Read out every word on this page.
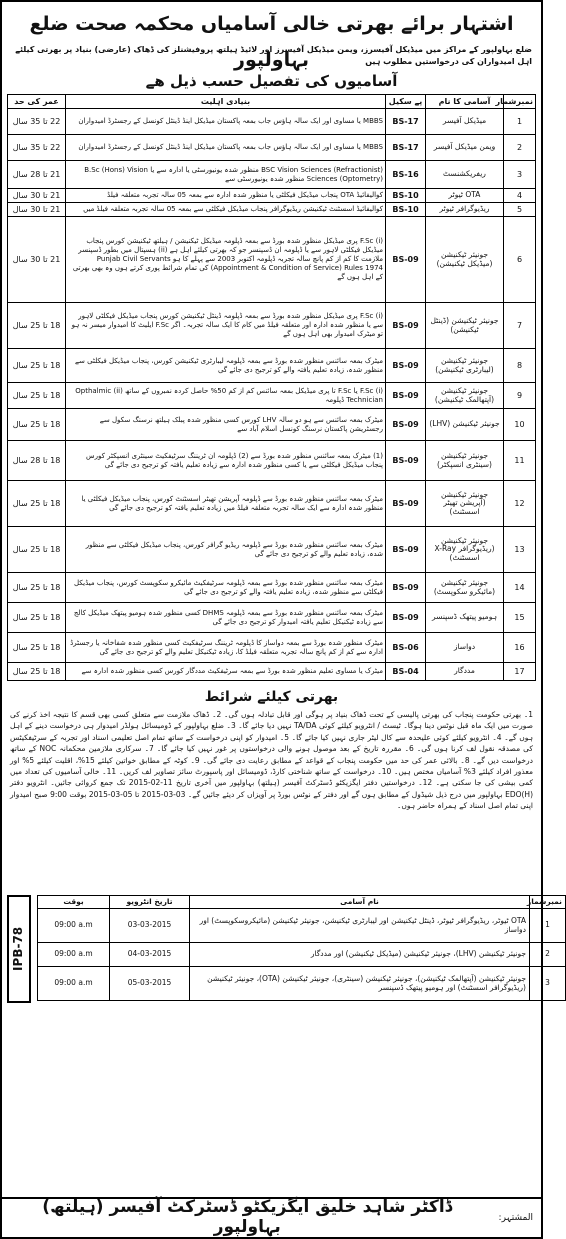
اشتہار برائے بھرتی خالی آسامیاں محکمہ صحت ضلع بہاولپور
ضلع بہاولپور کے مراکز میں میڈیکل آفیسرز، ویمن میڈیکل آفیسرز اور لائیڈ ہیلتھ پروفیشنلز کی ڈھاک (عارضی) بنیاد پر بھرتی کیلئے اہل امیدواران کی درخواستیں مطلوب ہیں
آسامیوں کی تفصیل حسب ذیل ھے
نمبرشمار	آسامی کا نام	پے سکیل	بنیادی اہلیت	عمر کی حد
1	میڈیکل آفیسر	BS-17	MBBS یا مساوی اور ایک سالہ ہاؤس جاب بمعہ پاکستان میڈیکل اینڈ ڈینٹل کونسل کے رجسٹرڈ امیدواران	22 تا 35 سال
2	ویمن میڈیکل آفیسر	BS-17	MBBS یا مساوی اور ایک سالہ ہاؤس جاب بمعہ پاکستان میڈیکل اینڈ ڈینٹل کونسل کے رجسٹرڈ امیدواران	22 تا 35 سال
3	ریفریکشنسٹ	BS-16	BSC Vision Sciences (Refractionist) منظور شدہ یونیورسٹی یا ادارہ سے یا B.Sc (Hons) Vision Sciences (Optometry) منظور شدہ یونیورسٹی سے	21 تا 28 سال
4	OTA ٹیوٹر	BS-10	کوالیفائیڈ OTA پنجاب میڈیکل فیکلٹی یا منظور شدہ ادارہ سے بمعہ 05 سالہ تجربہ متعلقہ فیلڈ	21 تا 30 سال
5	ریڈیوگرافر ٹیوٹر	BS-10	کوالیفائیڈ اسسٹنٹ ٹیکنیشن ریڈیوگرافر پنجاب میڈیکل فیکلٹی سے بمعہ 05 سالہ تجربہ متعلقہ فیلڈ میں	21 تا 30 سال
6	جونیئر ٹیکنیشن (میڈیکل ٹیکنیشن)	BS-09	F.Sc (i) پری میڈیکل منظور شدہ بورڈ سے بمعہ ڈپلومہ میڈیکل ٹیکنیشن / ہیلتھ ٹیکنیشن کورس پنجاب میڈیکل فیکلٹی لاہور سے یا ڈپلومہ ان ڈسپنسر جو کہ بھرتی کیلئے اہل ہے (ii) ہسپتال میں بطور ڈسپنسر ملازمت کا کم از کم پانچ سالہ تجربہ ڈپلومہ اکتوبر 2003 سے پہلے کا ہو Punjab Civil Servants (Appointment & Condition of Service) Rules 1974 کی تمام شرائط پوری کرتے ہوں وہ بھی بھرتی کے اہل ہوں گے	21 تا 30 سال
7	جونیئر ٹیکنیشن (ڈینٹل ٹیکنیشن)	BS-09	F.Sc (i) پری میڈیکل منظور شدہ بورڈ سے بمعہ ڈپلومہ ڈینٹل ٹیکنیشن کورس پنجاب میڈیکل فیکلٹی لاہور سے یا منظور شدہ ادارہ اور متعلقہ فیلڈ میں کام کا ایک سالہ تجربہ۔ اگر F.Sc ایلیٹ کا امیدوار میسر نہ ہو تو میٹرک امیدوار بھی اہل ہوں گے	18 تا 25 سال
8	جونیئر ٹیکنیشن (لیبارٹری ٹیکنیشن)	BS-09	میٹرک بمعہ سائنس منظور شدہ بورڈ سے بمعہ ڈپلومہ لیبارٹری ٹیکنیشن کورس، پنجاب میڈیکل فیکلٹی سے منظور شدہ، زیادہ تعلیم یافتہ والے کو ترجیح دی جائے گی	18 تا 25 سال
9	جونیئر ٹیکنیشن (آپتھالمک ٹیکنیشن)	BS-09	F.Sc (i) یا F.Sc تا پری میڈیکل بمعہ سائنس کم از کم 50% حاصل کردہ نمبروں کے ساتھ (ii) Opthalmic Technician ڈپلومہ	18 تا 25 سال
10	جونیئر ٹیکنیشن (LHV)	BS-09	میٹرک بمعہ سائنس سے ہو دو سالہ LHV کورس کسی منظور شدہ پبلک ہیلتھ نرسنگ سکول سے رجسٹریشن پاکستان نرسنگ کونسل اسلام آباد سے	18 تا 25 سال
11	جونیئر ٹیکنیشن (سینٹری انسپکٹر)	BS-09	(1) میٹرک بمعہ سائنس منظور شدہ بورڈ سے (2) ڈپلومہ ان ٹریننگ سرٹیفکیٹ سینٹری انسپکٹر کورس پنجاب میڈیکل فیکلٹی سے یا کسی منظور شدہ ادارہ سے زیادہ تعلیم یافتہ کو ترجیح دی جائے گی	18 تا 28 سال
12	جونیئر ٹیکنیشن (آپریشن تھیٹر اسسٹنٹ)	BS-09	میٹرک بمعہ سائنس منظور شدہ بورڈ سے ڈپلومہ آپریشن تھیٹر اسسٹنٹ کورس، پنجاب میڈیکل فیکلٹی یا منظور شدہ ادارہ سے ایک سالہ تجربہ متعلقہ فیلڈ میں زیادہ تعلیم یافتہ کو ترجیح دی جائے گی	18 تا 25 سال
13	جونیئر ٹیکنیشن (ریڈیوگرافر X-Ray اسسٹنٹ)	BS-09	میٹرک بمعہ سائنس منظور شدہ بورڈ سے ڈپلومہ ریڈیو گرافر کورس، پنجاب میڈیکل فیکلٹی سے منظور شدہ، زیادہ تعلیم والے کو ترجیح دی جائے گی	18 تا 25 سال
14	جونیئر ٹیکنیشن (مائیکرو سکوپسٹ)	BS-09	میٹرک بمعہ سائنس منظور شدہ بورڈ سے بمعہ ڈپلومہ سرٹیفکیٹ مائیکرو سکوپسٹ کورس، پنجاب میڈیکل فیکلٹی سے منظور شدہ، زیادہ تعلیم یافتہ والے کو ترجیح دی جائے گی	18 تا 25 سال
15	ہومیو پیتھک ڈسپنسر	BS-09	میٹرک بمعہ سائنس منظور شدہ بورڈ سے بمعہ ڈپلومہ DHMS کسی منظور شدہ ہومیو پیتھک میڈیکل کالج سے زیادہ ٹیکنیکل تعلیم یافتہ امیدوار کو ترجیح دی جائے گی	18 تا 25 سال
16	دواساز	BS-06	میٹرک منظور شدہ بورڈ سے بمعہ دواساز کا ڈپلومہ ٹریننگ سرٹیفکیٹ کسی منظور شدہ شفاخانہ یا رجسٹرڈ ادارہ سے کم از کم پانچ سالہ تجربہ متعلقہ فیلڈ کا، زیادہ ٹیکنیکل تعلیم والے کو ترجیح دی جائے گی	18 تا 25 سال
17	مددگار	BS-04	میٹرک یا مساوی تعلیم منظور شدہ بورڈ سے بمعہ سرٹیفکیٹ مددگار کورس کسی منظور شدہ ادارہ سے	18 تا 25 سال
بھرتی کیلئے شرائط
1۔ بھرتی حکومت پنجاب کی بھرتی پالیسی کے تحت ڈھاک بنیاد پر ہوگی اور قابل تبادلہ ہوں گی۔ 2۔ ڈھاک ملازمت سے متعلق کسی بھی قسم کا نتیجہ اخذ کرنے کی صورت میں ایک ماہ قبل نوٹس دینا ہوگا۔ ٹیسٹ / انٹرویو کیلئے کوئی TA/DA نہیں دیا جائے گا۔ 3۔ ضلع بہاولپور کے ڈومیسائل ہولڈر امیدوار ہی درخواست دینے کے اہل ہوں گے۔ 4۔ انٹرویو کیلئے کوئی علیحدہ سے کال لیٹر جاری نہیں کیا جائے گا۔ 5۔ امیدوار کو اپنی درخواست کے ساتھ تمام اصل تعلیمی اسناد اور تجربہ کے سرٹیفکیٹس کی مصدقہ نقول لف کرنا ہوں گی۔ 6۔ مقررہ تاریخ کے بعد موصول ہونے والی درخواستوں پر غور نہیں کیا جائے گا۔ 7۔ سرکاری ملازمین محکمانہ NOC کے ساتھ درخواست دیں گے۔ 8۔ بالائی عمر کی حد میں حکومت پنجاب کے قواعد کے مطابق رعایت دی جائے گی۔ 9۔ کوٹہ کے مطابق خواتین کیلئے 15%، اقلیت کیلئے 5% اور معذور افراد کیلئے 3% آسامیاں مختص ہیں۔ 10۔ درخواست کے ساتھ شناختی کارڈ، ڈومیسائل اور پاسپورٹ سائز تصاویر لف کریں۔ 11۔ خالی آسامیوں کی تعداد میں کمی بیشی کی جا سکتی ہے۔ 12۔ درخواستیں دفتر ایگزیکٹو ڈسٹرکٹ آفیسر (ہیلتھ) بہاولپور میں آخری تاریخ 11-02-2015 تک جمع کروائی جائیں۔ انٹرویو دفتر EDO(H) بہاولپور میں درج ذیل شیڈول کے مطابق ہوں گے اور دفتر کے نوٹس بورڈ پر آویزاں کر دیئے جائیں گے۔ 03-03-2015 تا 05-03-2015 بوقت 9:00 صبح امیدوار اپنی تمام اصل اسناد کے ہمراہ حاضر ہوں۔
IPB-78
نمبرشمار	نام آسامی	تاریخ انٹرویو	بوقت
1	OTA ٹیوٹر، ریڈیوگرافر ٹیوٹر، ڈینٹل ٹیکنیشن اور لیبارٹری ٹیکنیشن، جونیئر ٹیکنیشن (مائیکروسکوپسٹ) اور دواساز	03-03-2015	09:00 a.m
2	جونیئر ٹیکنیشن (LHV)، جونیئر ٹیکنیشن (میڈیکل ٹیکنیشن) اور مددگار	04-03-2015	09:00 a.m
3	جونیئر ٹیکنیشن (آپتھالمک ٹیکنیشن)، جونیئر ٹیکنیشن (سینٹری)، جونیئر ٹیکنیشن (OTA)، جونیئر ٹیکنیشن (ریڈیوگرافر اسسٹنٹ) اور ہومیو پیتھک ڈسپنسر	05-03-2015	09:00 a.m
المشتہر:
ڈاکٹر شاہد خلیق ایگزیکٹو ڈسٹرکٹ آفیسر (ہیلتھ) بہاولپور
